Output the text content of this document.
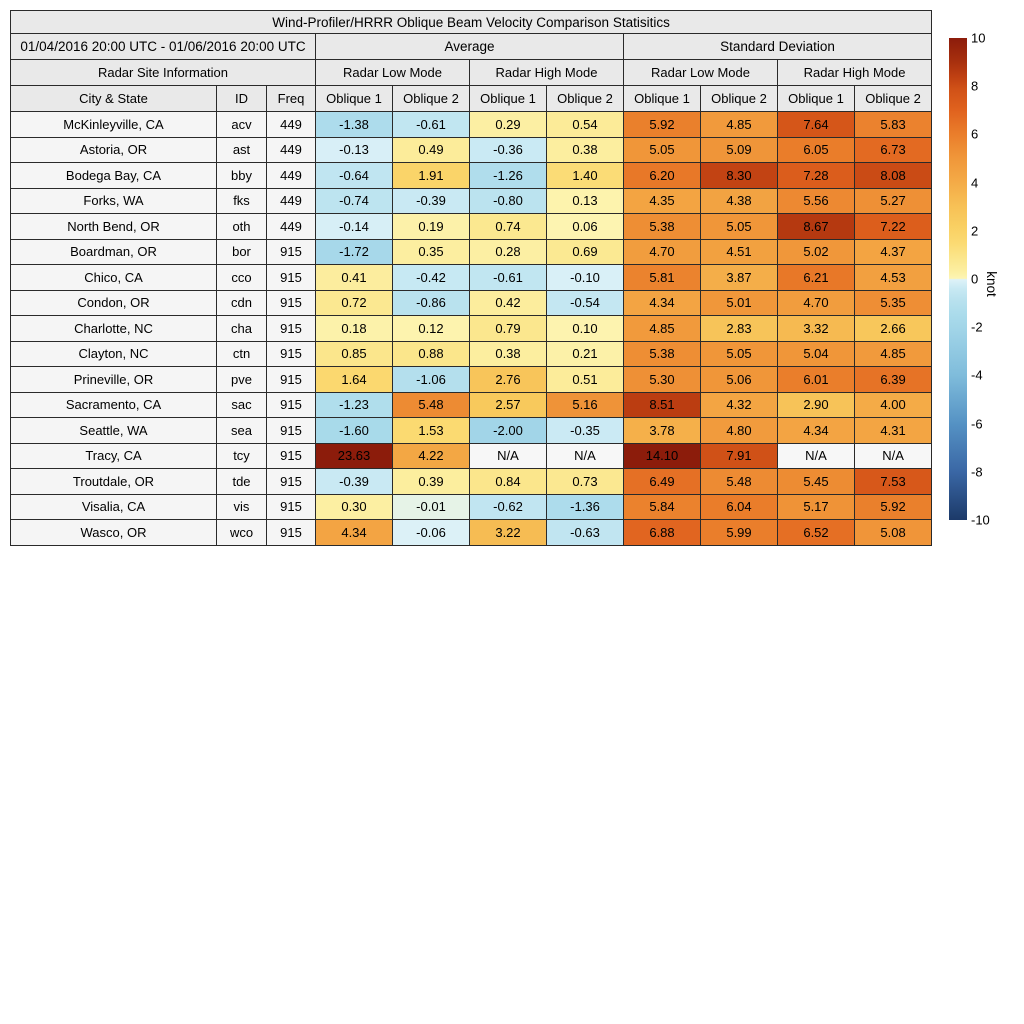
Wind-Profiler/HRRR Oblique Beam Velocity Comparison Statisitics										
01/04/2016 20:00 UTC - 01/06/2016 20:00 UTC			Average				Standard Deviation			
Radar Site Information			Radar Low Mode		Radar High Mode		Radar Low Mode		Radar High Mode	
City & State	ID	Freq	Oblique 1	Oblique 2	Oblique 1	Oblique 2	Oblique 1	Oblique 2	Oblique 1	Oblique 2
McKinleyville, CA	acv	449	-1.38	-0.61	0.29	0.54	5.92	4.85	7.64	5.83
Astoria, OR	ast	449	-0.13	0.49	-0.36	0.38	5.05	5.09	6.05	6.73
Bodega Bay, CA	bby	449	-0.64	1.91	-1.26	1.40	6.20	8.30	7.28	8.08
Forks, WA	fks	449	-0.74	-0.39	-0.80	0.13	4.35	4.38	5.56	5.27
North Bend, OR	oth	449	-0.14	0.19	0.74	0.06	5.38	5.05	8.67	7.22
Boardman, OR	bor	915	-1.72	0.35	0.28	0.69	4.70	4.51	5.02	4.37
Chico, CA	cco	915	0.41	-0.42	-0.61	-0.10	5.81	3.87	6.21	4.53
Condon, OR	cdn	915	0.72	-0.86	0.42	-0.54	4.34	5.01	4.70	5.35
Charlotte, NC	cha	915	0.18	0.12	0.79	0.10	4.85	2.83	3.32	2.66
Clayton, NC	ctn	915	0.85	0.88	0.38	0.21	5.38	5.05	5.04	4.85
Prineville, OR	pve	915	1.64	-1.06	2.76	0.51	5.30	5.06	6.01	6.39
Sacramento, CA	sac	915	-1.23	5.48	2.57	5.16	8.51	4.32	2.90	4.00
Seattle, WA	sea	915	-1.60	1.53	-2.00	-0.35	3.78	4.80	4.34	4.31
Tracy, CA	tcy	915	23.63	4.22	N/A	N/A	14.10	7.91	N/A	N/A
Troutdale, OR	tde	915	-0.39	0.39	0.84	0.73	6.49	5.48	5.45	7.53
Visalia, CA	vis	915	0.30	-0.01	-0.62	-1.36	5.84	6.04	5.17	5.92
Wasco, OR	wco	915	4.34	-0.06	3.22	-0.63	6.88	5.99	6.52	5.08
knot
10
8
6
4
2
0
-2
-4
-6
-8
-10
